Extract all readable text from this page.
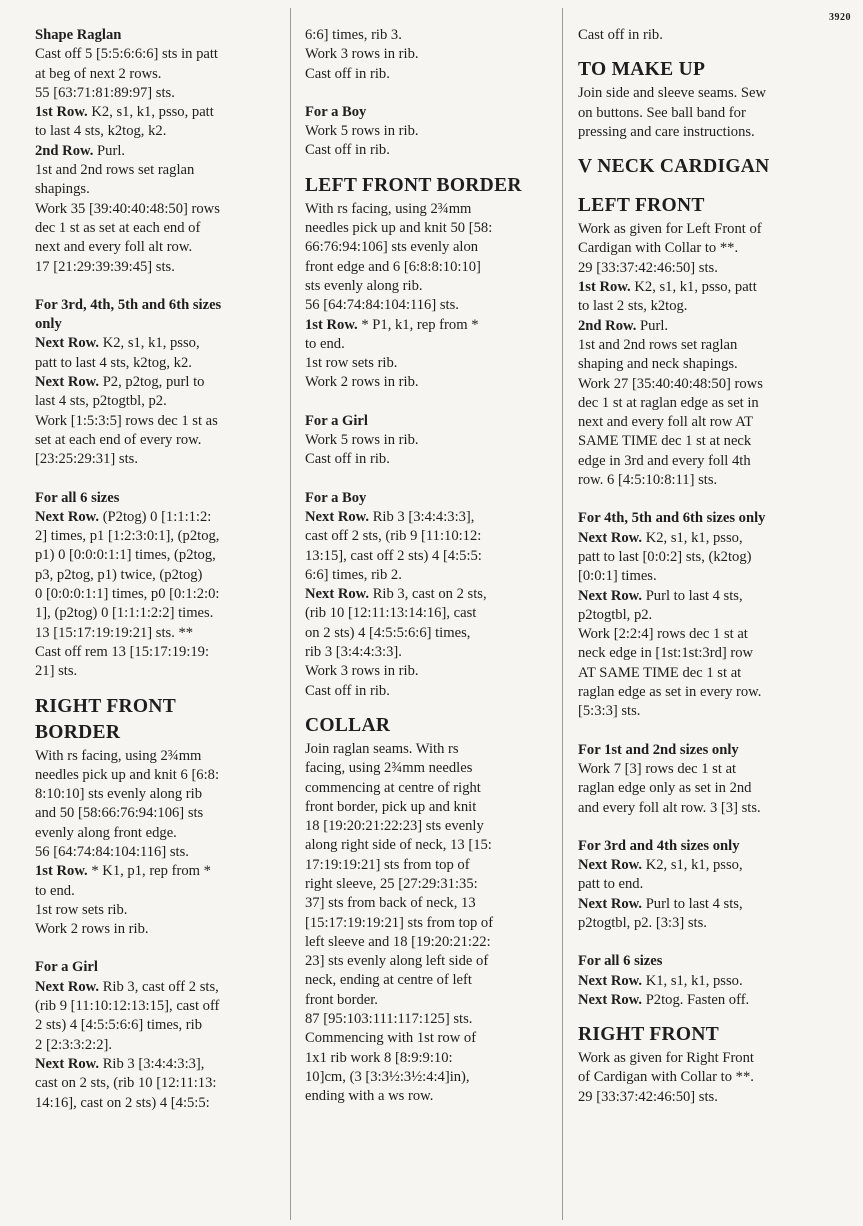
3920
Shape Raglan
Cast off 5 [5:5:6:6:6] sts in patt
at beg of next 2 rows.
55 [63:71:81:89:97] sts.
1st Row. K2, s1, k1, psso, patt
to last 4 sts, k2tog, k2.
2nd Row. Purl.
1st and 2nd rows set raglan
shapings.
Work 35 [39:40:40:48:50] rows
dec 1 st as set at each end of
next and every foll alt row.
17 [21:29:39:39:45] sts.
For 3rd, 4th, 5th and 6th sizes
only
Next Row. K2, s1, k1, psso,
patt to last 4 sts, k2tog, k2.
Next Row. P2, p2tog, purl to
last 4 sts, p2togtbl, p2.
Work [1:5:3:5] rows dec 1 st as
set at each end of every row.
[23:25:29:31] sts.
For all 6 sizes
Next Row. (P2tog) 0 [1:1:1:2:
2] times, p1 [1:2:3:0:1], (p2tog,
p1) 0 [0:0:0:1:1] times, (p2tog,
p3, p2tog, p1) twice, (p2tog)
0 [0:0:0:1:1] times, p0 [0:1:2:0:
1], (p2tog) 0 [1:1:1:2:2] times.
13 [15:17:19:19:21] sts. **
Cast off rem 13 [15:17:19:19:
21] sts.
RIGHT FRONT
BORDER
With rs facing, using 2¾mm
needles pick up and knit 6 [6:8:
8:10:10] sts evenly along rib
and 50 [58:66:76:94:106] sts
evenly along front edge.
56 [64:74:84:104:116] sts.
1st Row. * K1, p1, rep from *
to end.
1st row sets rib.
Work 2 rows in rib.
For a Girl
Next Row. Rib 3, cast off 2 sts,
(rib 9 [11:10:12:13:15], cast off
2 sts) 4 [4:5:5:6:6] times, rib
2 [2:3:3:2:2].
Next Row. Rib 3 [3:4:4:3:3],
cast on 2 sts, (rib 10 [12:11:13:
14:16], cast on 2 sts) 4 [4:5:5:
6:6] times, rib 3.
Work 3 rows in rib.
Cast off in rib.
For a Boy
Work 5 rows in rib.
Cast off in rib.
LEFT FRONT BORDER
With rs facing, using 2¾mm
needles pick up and knit 50 [58:
66:76:94:106] sts evenly alon
front edge and 6 [6:8:8:10:10]
sts evenly along rib.
56 [64:74:84:104:116] sts.
1st Row. * P1, k1, rep from *
to end.
1st row sets rib.
Work 2 rows in rib.
For a Girl
Work 5 rows in rib.
Cast off in rib.
For a Boy
Next Row. Rib 3 [3:4:4:3:3],
cast off 2 sts, (rib 9 [11:10:12:
13:15], cast off 2 sts) 4 [4:5:5:
6:6] times, rib 2.
Next Row. Rib 3, cast on 2 sts,
(rib 10 [12:11:13:14:16], cast
on 2 sts) 4 [4:5:5:6:6] times,
rib 3 [3:4:4:3:3].
Work 3 rows in rib.
Cast off in rib.
COLLAR
Join raglan seams. With rs
facing, using 2¾mm needles
commencing at centre of right
front border, pick up and knit
18 [19:20:21:22:23] sts evenly
along right side of neck, 13 [15:
17:19:19:21] sts from top of
right sleeve, 25 [27:29:31:35:
37] sts from back of neck, 13
[15:17:19:19:21] sts from top of
left sleeve and 18 [19:20:21:22:
23] sts evenly along left side of
neck, ending at centre of left
front border.
87 [95:103:111:117:125] sts.
Commencing with 1st row of
1x1 rib work 8 [8:9:9:10:
10]cm, (3 [3:3½:3½:4:4]in),
ending with a ws row.
Cast off in rib.
TO MAKE UP
Join side and sleeve seams. Sew
on buttons. See ball band for
pressing and care instructions.
V NECK CARDIGAN
LEFT FRONT
Work as given for Left Front of
Cardigan with Collar to **.
29 [33:37:42:46:50] sts.
1st Row. K2, s1, k1, psso, patt
to last 2 sts, k2tog.
2nd Row. Purl.
1st and 2nd rows set raglan
shaping and neck shapings.
Work 27 [35:40:40:48:50] rows
dec 1 st at raglan edge as set in
next and every foll alt row AT
SAME TIME dec 1 st at neck
edge in 3rd and every foll 4th
row. 6 [4:5:10:8:11] sts.
For 4th, 5th and 6th sizes only
Next Row. K2, s1, k1, psso,
patt to last [0:0:2] sts, (k2tog)
[0:0:1] times.
Next Row. Purl to last 4 sts,
p2togtbl, p2.
Work [2:2:4] rows dec 1 st at
neck edge in [1st:1st:3rd] row
AT SAME TIME dec 1 st at
raglan edge as set in every row.
[5:3:3] sts.
For 1st and 2nd sizes only
Work 7 [3] rows dec 1 st at
raglan edge only as set in 2nd
and every foll alt row. 3 [3] sts.
For 3rd and 4th sizes only
Next Row. K2, s1, k1, psso,
patt to end.
Next Row. Purl to last 4 sts,
p2togtbl, p2. [3:3] sts.
For all 6 sizes
Next Row. K1, s1, k1, psso.
Next Row. P2tog. Fasten off.
RIGHT FRONT
Work as given for Right Front
of Cardigan with Collar to **.
29 [33:37:42:46:50] sts.
